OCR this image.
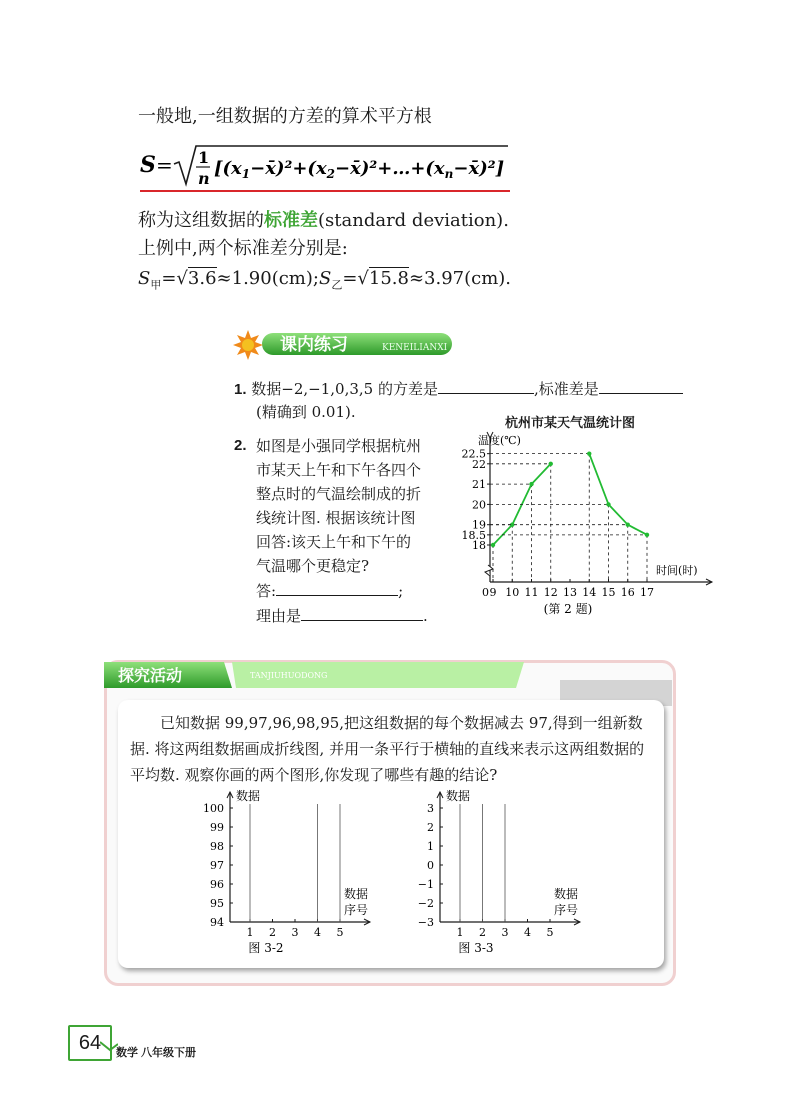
一般地,一组数据的方差的算术平方根
S = 1
n $[(x_1-x̄)^2+(x_2-x̄)^2+\dots+(x_n-x̄)^2]$
称为这组数据的标准差(standard deviation).
上例中,两个标准差分别是:
$S_甲=√3.6\approx 1.90(cm);S_乙=√15.8\approx 3.97(cm)$.
课内练习	KENEILIANXI
1. 数据−2,−1,0,3,5 的方差是	,标准差是
(精确到 0.01).
2. 如图是小强同学根据杭州
市某天上午和下午各四个
整点时的气温绘制成的折
线统计图. 根据该统计图
回答:该天上午和下午的
气温哪个更稳定?
答:	;
理由是	.
杭州市某天气温统计图
0
温度(℃)
时间(时)
18
18.5
19
20
21
22
22.5
9 10 11 12 13 14 15 16 17
(第 2 题)
探究活动	TANJIUHUODONG
已知数据 99,97,96,98,95,把这组数据的每个数据减去 97,得到一组新数据. 将这两组数据画成折线图, 并用一条平行于横轴的直线来表示这两组数据的平均数. 观察你画的两个图形,你发现了哪些有趣的结论?
数据
数据
序号
94
95
96
97
98
99
100
1 2 3 4 5
图 3-2
数据
数据
序号
−3
−2
−1
0
1
2
3
1 2 3 4 5
图 3-3
64	数学 八年级下册
